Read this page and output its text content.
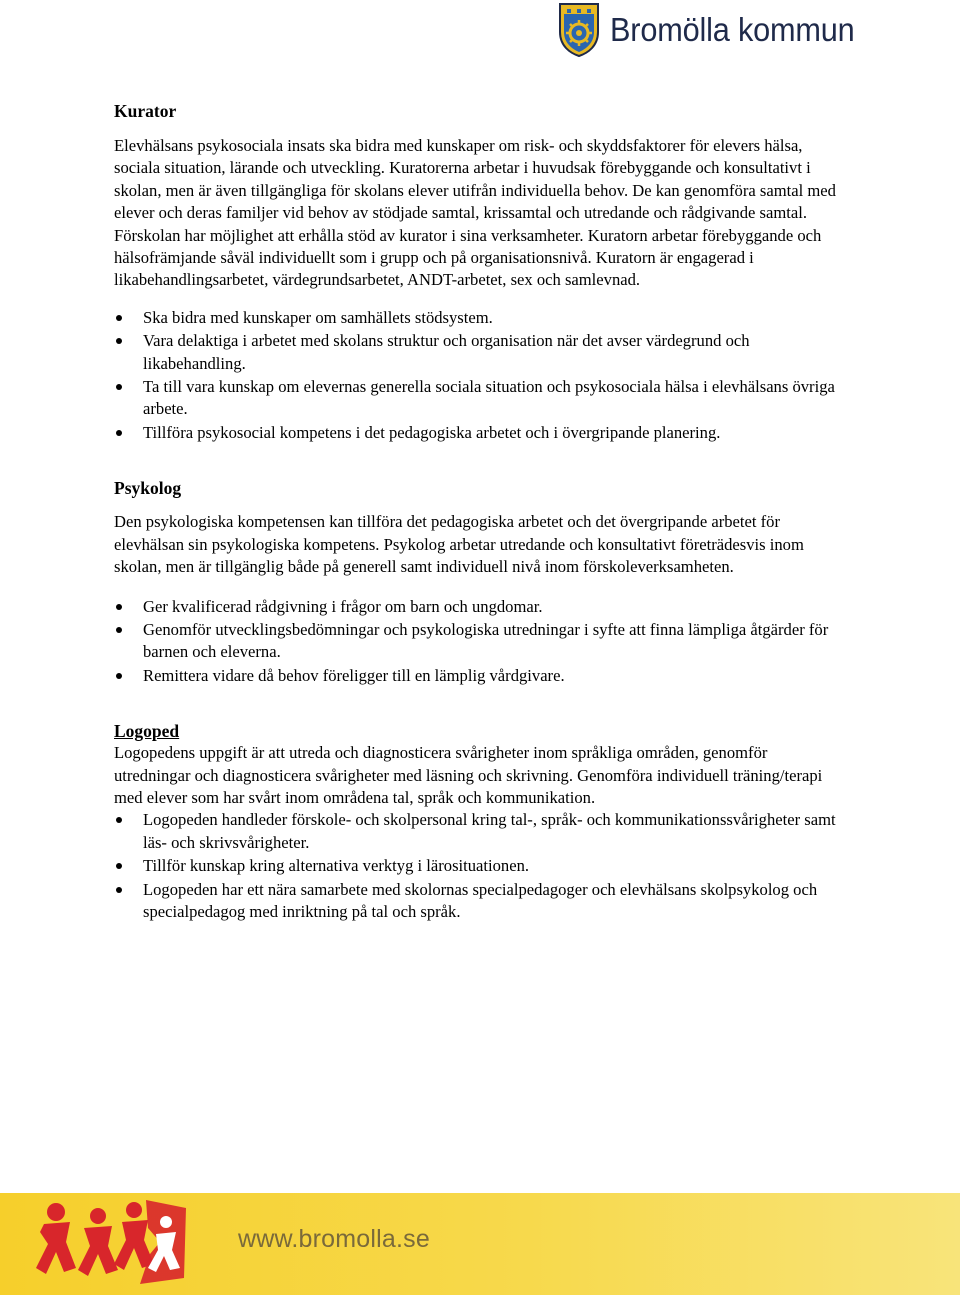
Bromölla kommun
Kurator

Elevhälsans psykosociala insats ska bidra med kunskaper om risk- och skyddsfaktorer för elevers hälsa, sociala situation, lärande och utveckling. Kuratorerna arbetar i huvudsak förebyggande och konsultativt i skolan, men är även tillgängliga för skolans elever utifrån individuella behov. De kan genomföra samtal med elever och deras familjer vid behov av stödjade samtal, krissamtal och utredande och rådgivande samtal. Förskolan har möjlighet att erhålla stöd av kurator i sina verksamheter. Kuratorn arbetar förebyggande och hälsofrämjande såväl individuellt som i grupp och på organisationsnivå. Kuratorn är engagerad i likabehandlingsarbetet, värdegrundsarbetet, ANDT-arbetet, sex och samlevnad.

Ska bidra med kunskaper om samhällets stödsystem.
Vara delaktiga i arbetet med skolans struktur och organisation när det avser värdegrund och likabehandling.
Ta till vara kunskap om elevernas generella sociala situation och psykosociala hälsa i elevhälsans övriga arbete.
Tillföra psykosocial kompetens i det pedagogiska arbetet och i övergripande planering.
Psykolog

Den psykologiska kompetensen kan tillföra det pedagogiska arbetet och det övergripande arbetet för elevhälsan sin psykologiska kompetens. Psykolog arbetar utredande och konsultativt företrädesvis inom skolan, men är tillgänglig både på generell samt individuell nivå inom förskoleverksamheten.

Ger kvalificerad rådgivning i frågor om barn och ungdomar.
Genomför utvecklingsbedömningar och psykologiska utredningar i syfte att finna lämpliga åtgärder för barnen och eleverna.
Remittera vidare då behov föreligger till en lämplig vårdgivare.
Logoped

Logopedens uppgift är att utreda och diagnosticera svårigheter inom språkliga områden, genomför utredningar och diagnosticera svårigheter med läsning och skrivning. Genomföra individuell träning/terapi med elever som har svårt inom områdena tal, språk och kommunikation.

Logopeden handleder förskole- och skolpersonal kring tal-, språk- och kommunikationssvårigheter samt läs- och skrivsvårigheter.
Tillför kunskap kring alternativa verktyg i lärosituationen.
Logopeden har ett nära samarbete med skolornas specialpedagoger och elevhälsans skolpsykolog och specialpedagog med inriktning på tal och språk.
www.bromolla.se
